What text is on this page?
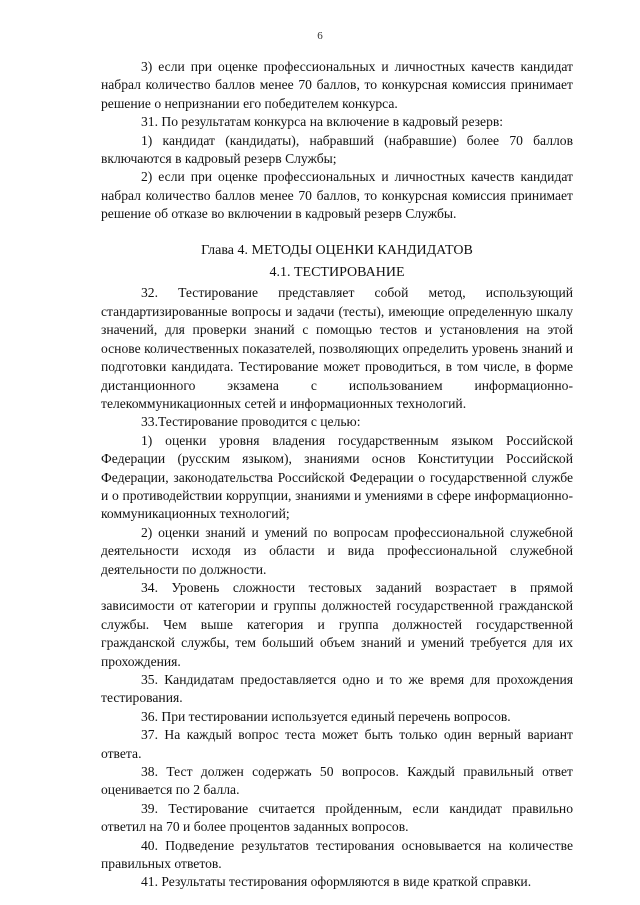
6

3) если при оценке профессиональных и личностных качеств кандидат набрал количество баллов менее 70 баллов, то конкурсная комиссия принимает решение о непризнании его победителем конкурса.

31. По результатам конкурса на включение в кадровый резерв:

1) кандидат (кандидаты), набравший (набравшие) более 70 баллов включаются в кадровый резерв Службы;

2) если при оценке профессиональных и личностных качеств кандидат набрал количество баллов менее 70 баллов, то конкурсная комиссия принимает решение об отказе во включении в кадровый резерв Службы.

Глава 4. МЕТОДЫ ОЦЕНКИ КАНДИДАТОВ

4.1. ТЕСТИРОВАНИЕ

32. Тестирование представляет собой метод, использующий стандартизированные вопросы и задачи (тесты), имеющие определенную шкалу значений, для проверки знаний с помощью тестов и установления на этой основе количественных показателей, позволяющих определить уровень знаний и подготовки кандидата. Тестирование может проводиться, в том числе, в форме дистанционного экзамена с использованием информационно-телекоммуникационных сетей и информационных технологий.

33.Тестирование проводится с целью:

1) оценки уровня владения государственным языком Российской Федерации (русским языком), знаниями основ Конституции Российской Федерации, законодательства Российской Федерации о государственной службе и о противодействии коррупции, знаниями и умениями в сфере информационно-коммуникационных технологий;

2) оценки знаний и умений по вопросам профессиональной служебной деятельности исходя из области и вида профессиональной служебной деятельности по должности.

34. Уровень сложности тестовых заданий возрастает в прямой зависимости от категории и группы должностей государственной гражданской службы. Чем выше категория и группа должностей государственной гражданской службы, тем больший объем знаний и умений требуется для их прохождения.

35. Кандидатам предоставляется одно и то же время для прохождения тестирования.

36. При тестировании используется единый перечень вопросов.

37. На каждый вопрос теста может быть только один верный вариант ответа.

38. Тест должен содержать 50 вопросов. Каждый правильный ответ оценивается по 2 балла.

39. Тестирование считается пройденным, если кандидат правильно ответил на 70 и более процентов заданных вопросов.

40. Подведение результатов тестирования основывается на количестве правильных ответов.

41. Результаты тестирования оформляются в виде краткой справки.
